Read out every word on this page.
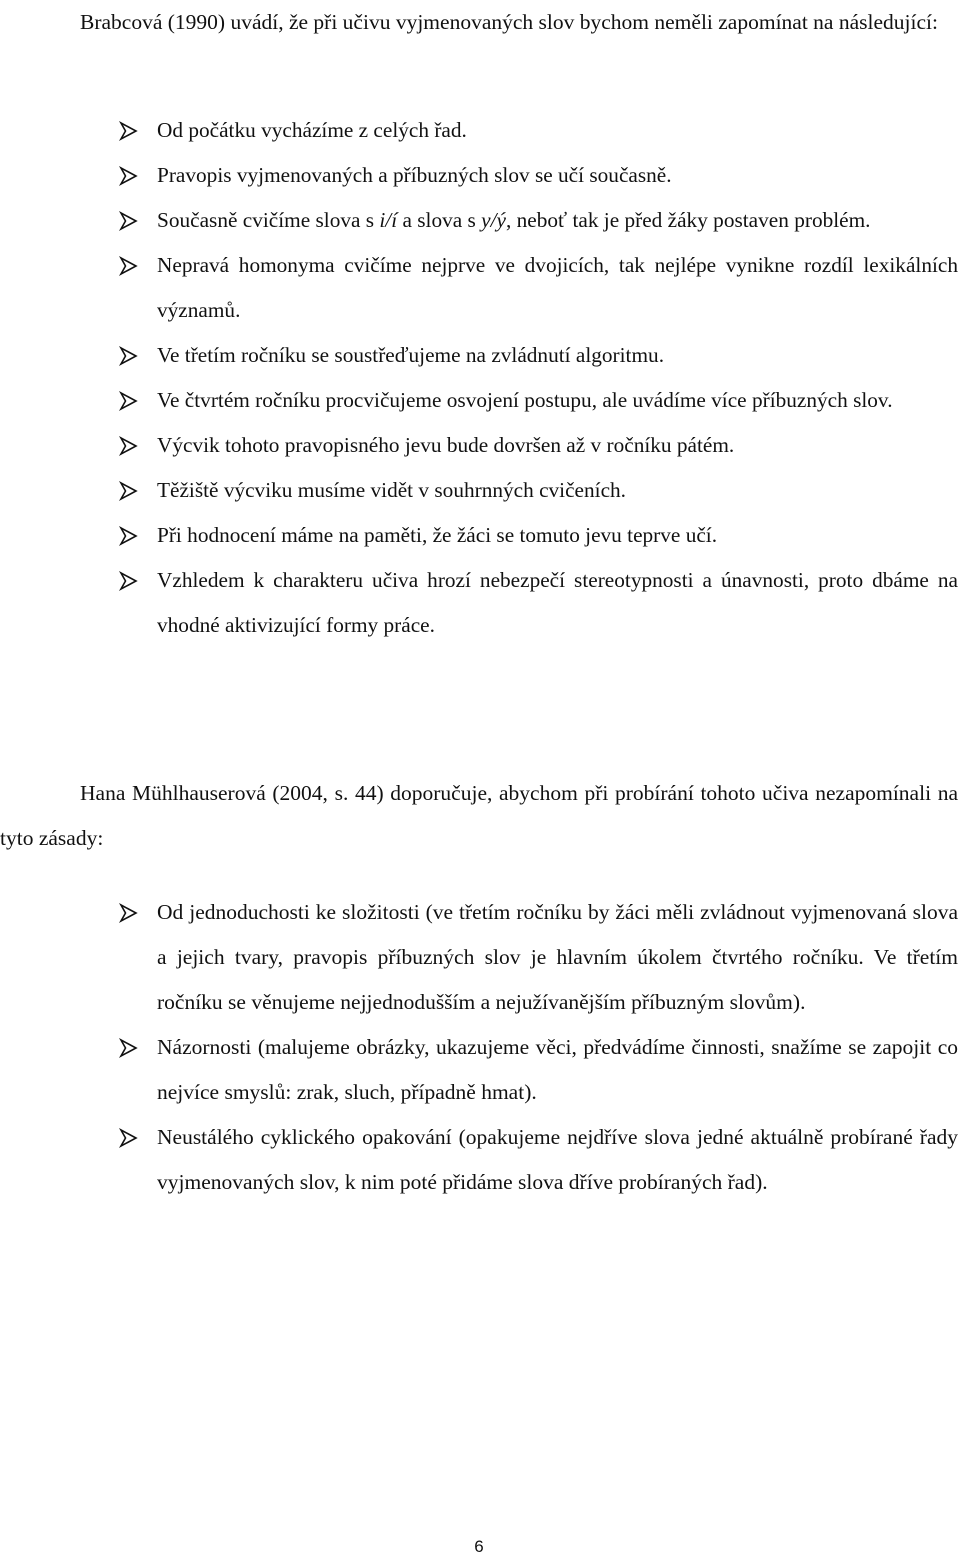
Brabcová (1990) uvádí, že při učivu vyjmenovaných slov bychom neměli zapomínat na následující:

Od počátku vycházíme z celých řad.
Pravopis vyjmenovaných a příbuzných slov se učí současně.
Současně cvičíme slova s i/í a slova s y/ý, neboť tak je před žáky postaven problém.
Nepravá homonyma cvičíme nejprve ve dvojicích, tak nejlépe vynikne rozdíl lexikálních významů.
Ve třetím ročníku se soustřeďujeme na zvládnutí algoritmu.
Ve čtvrtém ročníku procvičujeme osvojení postupu, ale uvádíme více příbuzných slov.
Výcvik tohoto pravopisného jevu bude dovršen až v ročníku pátém.
Těžiště výcviku musíme vidět v souhrnných cvičeních.
Při hodnocení máme na paměti, že žáci se tomuto jevu teprve učí.
Vzhledem k charakteru učiva hrozí nebezpečí stereotypnosti a únavnosti, proto dbáme na vhodné aktivizující formy práce.

Hana Mühlhauserová (2004, s. 44) doporučuje, abychom při probírání tohoto učiva nezapomínali na tyto zásady:

Od jednoduchosti ke složitosti (ve třetím ročníku by žáci měli zvládnout vyjmenovaná slova a jejich tvary, pravopis příbuzných slov je hlavním úkolem čtvrtého ročníku. Ve třetím ročníku se věnujeme nejjednodušším a nejužívanějším příbuzným slovům).
Názornosti (malujeme obrázky, ukazujeme věci, předvádíme činnosti, snažíme se zapojit co nejvíce smyslů: zrak, sluch, případně hmat).
Neustálého cyklického opakování (opakujeme nejdříve slova jedné aktuálně probírané řady vyjmenovaných slov, k nim poté přidáme slova dříve probíraných řad).
6
